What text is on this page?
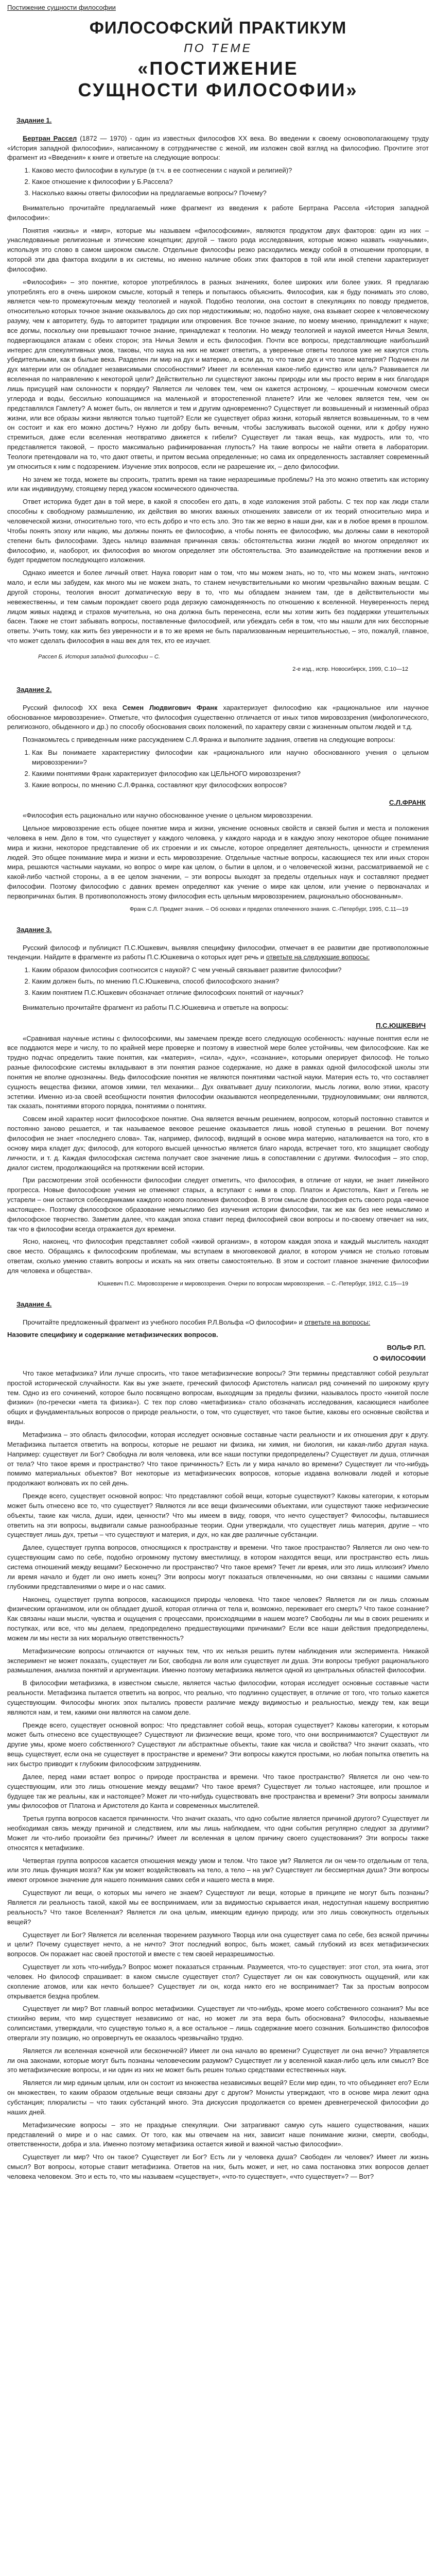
Постижение сущности философии
ФИЛОСОФСКИЙ ПРАКТИКУМ
ПО ТЕМЕ
«ПОСТИЖЕНИЕ
СУЩНОСТИ ФИЛОСОФИИ»
Задание 1.

Бертран Рассел (1872 — 1970) - один из известных философов XX века. Во введении к своему основополагающему труду «История западной философии», написанному в сотрудничестве с женой, им изложен свой взгляд на философию. Прочтите этот фрагмент из «Введения» к книге и ответьте на следующие вопросы:

1. Каково место философии в культуре (в т.ч. в ее соотнесении с наукой и религией)?
2. Какое отношение к философии у Б.Рассела?
3. Насколько важны ответы философии на предлагаемые вопросы? Почему?

Внимательно прочитайте предлагаемый ниже фрагмент из введения к работе Бертрана Рассела «История западной философии»:

Понятия «жизнь» и «мир», которые мы называем «философскими», являются продуктом двух факторов: один из них – унаследованные религиозные и этические концепции; другой – такого рода исследования, которые можно назвать «научными», используя это слово в самом широком смысле. Отдельные философы резко расходились между собой в отношении пропорции, в которой эти два фактора входили в их системы, но именно наличие обоих этих факторов в той или иной степени характеризует философию.

«Философия» – это понятие, которое употреблялось в разных значениях, более широких или более узких. Я предлагаю употреблять его в очень широком смысле, который я теперь и попытаюсь объяснить. Философия, как я буду понимать это слово, является чем-то промежуточным между теологией и наукой. Подобно теологии, она состоит в спекуляциях по поводу предметов, относительно которых точное знание оказывалось до сих пор недостижимым; но, подобно науке, она взывает скорее к человеческому разуму, чем к авторитету, будь то авторитет традиции или откровения. Все точное знание, по моему мнению, принадлежит к науке; все догмы, поскольку они превышают точное знание, принадлежат к теологии. Но между теологией и наукой имеется Ничья Земля, подвергающаяся атакам с обеих сторон; эта Ничья Земля и есть философия. Почти все вопросы, представляющие наибольший интерес для спекулятивных умов, таковы, что наука на них не может ответить, а уверенные ответы теологов уже не кажутся столь убедительными, как в былые века. Разделен ли мир на дух и материю, а если да, то что такое дух и что такое материя? Подчинен ли дух материи или он обладает независимыми способностями? Имеет ли вселенная какое-либо единство или цель? Развивается ли вселенная по направлению к некоторой цели? Действительно ли существуют законы природы или мы просто верим в них благодаря лишь присущей нам склонности к порядку? Является ли человек тем, чем он кажется астроному, – крошечным комочком смеси углерода и воды, бессильно копошащимся на маленькой и второстепенной планете? Или же человек является тем, чем он представлялся Гамлету? А может быть, он является и тем и другим одновременно? Существует ли возвышенный и низменный образ жизни, или все образы жизни являются только тщетой? Если же существует образ жизни, который является возвышенным, то в чем он состоит и как его можно достичь? Нужно ли добру быть вечным, чтобы заслуживать высокой оценки, или к добру нужно стремиться, даже если вселенная неотвратимо движется к гибели? Существует ли такая вещь, как мудрость, или то, что представляется таковой, – просто максимально рафинированная глупость? На такие вопросы не найти ответа в лаборатории. Теологи претендовали на то, что дают ответы, и притом весьма определенные; но сама их определенность заставляет современный ум относиться к ним с подозрением. Изучение этих вопросов, если не разрешение их, – дело философии.

Но зачем же тогда, можете вы спросить, тратить время на такие неразрешимые проблемы? На это можно ответить как историку или как индивидууму, стоящему перед ужасом космического одиночества.

Ответ историка будет дан в той мере, в какой я способен его дать, в ходе изложения этой работы. С тех пор как люди стали способны к свободному размышлению, их действия во многих важных отношениях зависели от их теорий относительно мира и человеческой жизни, относительно того, что есть добро и что есть зло. Это так же верно в наши дни, как и в любое время в прошлом. Чтобы понять эпоху или нацию, мы должны понять ее философию, а чтобы понять ее философию, мы должны сами в некоторой степени быть философами. Здесь налицо взаимная причинная связь: обстоятельства жизни людей во многом определяют их философию, и, наоборот, их философия во многом определяет эти обстоятельства. Это взаимодействие на протяжении веков и будет предметом последующего изложения.

Однако имеется и более личный ответ. Наука говорит нам о том, что мы можем знать, но то, что мы можем знать, ничтожно мало, и если мы забудем, как много мы не можем знать, то станем нечувствительными ко многим чрезвычайно важным вещам. С другой стороны, теология вносит догматическую веру в то, что мы обладаем знанием там, где в действительности мы невежественны, и тем самым порождает своего рода дерзкую самонадеянность по отношению к вселенной. Неуверенность перед лицом живых надежд и страхов мучительна, но она должна быть перенесена, если мы хотим жить без поддержки утешительных басен. Также не стоит забывать вопросы, поставленные философией, или убеждать себя в том, что мы нашли для них бесспорные ответы. Учить тому, как жить без уверенности и в то же время не быть парализованным нерешительностью, – это, пожалуй, главное, что может сделать философия в наш век для тех, кто ее изучает.

Рассел Б. История западной философии – С.
2-е изд., испр. Новосибирск, 1999, С.10—12
Задание 2.

Русский философ XX века Семен Людвигович Франк характеризует философию как «рациональное или научное обоснованное мировоззрение». Отметьте, что философия существенно отличается от иных типов мировоззрения (мифологического, религиозного, обыденного и др.) по способу обоснования своих положений, по характеру связи с жизненным опытом людей и т.д.

Познакомьтесь с приведенным ниже рассуждением С.Л.Франка и выполните задания, ответив на следующие вопросы:

1. Как Вы понимаете характеристику философии как «рационального или научно обоснованного учения о цельном мировоззрении»?
2. Какими понятиями Франк характеризует философию как ЦЕЛЬНОГО мировоззрения?
3. Какие вопросы, по мнению С.Л.Франка, составляют круг философских вопросов?
С.Л.ФРАНК

«Философия есть рационально или научно обоснованное учение о цельном мировоззрении.

Цельное мировоззрение есть общее понятие мира и жизни, уяснение основных свойств и связей бытия и места и положения человека в нем. Дело в том, что существует у каждого человека, у каждого народа и в каждую эпоху некоторое общее понимание мира и жизни, некоторое представление об их строении и их смысле, которое определяет деятельность, ценности и стремления людей. Это общее понимание мира и жизни и есть мировоззрение. Отдельные частные вопросы, касающиеся тех или иных сторон мира, решаются частными науками, но вопрос о мире как целом, о бытии в целом, и о человеческой жизни, рассматриваемой не с какой-либо частной стороны, а в ее целом значении, – эти вопросы выходят за пределы отдельных наук и составляют предмет философии. Поэтому философию с давних времен определяют как учение о мире как целом, или учение о первоначалах и первопричинах бытия. В противоположность этому философия есть цельным мировоззрением, рационально обоснованным».

Франк С.Л. Предмет знания. – Об основах и пределах отвлеченного знания. С.-Петербург, 1995, С.11—19
Задание 3.

Русский философ и публицист П.С.Юшкевич, выявляя специфику философии, отмечает в ее развитии две противоположные тенденции. Найдите в фрагменте из работы П.С.Юшкевича о которых идет речь и ответьте на следующие вопросы:

1. Каким образом философия соотносится с наукой? С чем ученый связывает развитие философии?
2. Каким должен быть, по мнению П.С.Юшкевича, способ философского знания?
3. Каким понятием П.С.Юшкевич обозначает отличие философских понятий от научных?

Внимательно прочитайте фрагмент из работы П.С.Юшкевича и ответьте на вопросы:

П.С.ЮШКЕВИЧ

«Сравнивая научные истины с философскими, мы замечаем прежде всего следующую особенность: научные понятия если не все поддаются мере и числу, то по крайней мере проверке и поэтому в известной мере более устойчивы, чем философские. Как же трудно подчас определить такие понятия, как «материя», «сила», «дух», «сознание», которыми оперирует философ. Не только разные философские системы вкладывают в эти понятия разное содержание, но даже в рамках одной философской школы эти понятия не вполне однозначны. Ведь философские понятия не являются понятиями частной науки. Материя есть то, что составляет сущность вещества физики, атомов химии, тел механики... Дух охватывает душу психологии, мысль логики, волю этики, красоту эстетики. Именно из-за своей всеобщности понятия философии оказываются неопределенными, трудноуловимыми; они являются, так сказать, понятиями второго порядка, понятиями о понятиях.

Совсем иной характер носит философское понятие. Она является вечным решением, вопросом, который постоянно ставится и постоянно заново решается, и так называемое вековое решение оказывается лишь новой ступенью в решении. Вот почему философия не знает «последнего слова». Так, например, философ, видящий в основе мира материю, наталкивается на того, кто в основу мира кладет дух; философ, для которого высшей ценностью является благо народа, встречает того, кто защищает свободу личности, и т. д. Каждая философская система получает свое значение лишь в сопоставлении с другими. Философия – это спор, диалог систем, продолжающийся на протяжении всей истории.

При рассмотрении этой особенности философии следует отметить, что философия, в отличие от науки, не знает линейного прогресса. Новые философские учения не отменяют старых, а вступают с ними в спор. Платон и Аристотель, Кант и Гегель не устарели – они остаются собеседниками каждого нового поколения философов. В этом смысле философия есть своего рода «вечное настоящее». Поэтому философское образование немыслимо без изучения истории философии, так же как без нее немыслимо и философское творчество. Заметим далее, что каждая эпоха ставит перед философией свои вопросы и по-своему отвечает на них, так что в философии всегда отражается дух времени.

Ясно, наконец, что философия представляет собой «живой организм», в котором каждая эпоха и каждый мыслитель находят свое место. Обращаясь к философским проблемам, мы вступаем в многовековой диалог, в котором учимся не столько готовым ответам, сколько умению ставить вопросы и искать на них ответы самостоятельно. В этом и состоит главное значение философии для человека и общества».

Юшкевич П.С. Мировоззрение и мировоззрения. Очерки по вопросам мировоззрения. – С.-Петербург, 1912, С.15—19
Задание 4.

Прочитайте предложенный фрагмент из учебного пособия Р.Л.Вольфа «О философии» и ответьте на вопросы:

Назовите специфику и содержание метафизических вопросов.

ВОЛЬФ Р.П.
О ФИЛОСОФИИ

Что такое метафизика? Или лучше спросить, что такое метафизические вопросы? Эти термины представляют собой результат простой исторической случайности. Как вы уже знаете, греческий философ Аристотель написал ряд сочинений по широкому кругу тем. Одно из его сочинений, которое было посвящено вопросам, выходящим за пределы физики, называлось просто «книгой после физики» (по-гречески «мета та физика»). С тех пор слово «метафизика» стало обозначать исследования, касающиеся наиболее общих и фундаментальных вопросов о природе реальности, о том, что существует, что такое бытие, каковы его основные свойства и виды.

Метафизика – это область философии, которая исследует основные составные части реальности и их отношения друг к другу. Метафизика пытается ответить на вопросы, которые не решают ни физика, ни химия, ни биология, ни какая-либо другая наука. Например: существует ли Бог? Свободна ли воля человека, или все наши поступки предопределены? Существует ли душа, отличная от тела? Что такое время и пространство? Что такое причинность? Есть ли у мира начало во времени? Существует ли что-нибудь помимо материальных объектов? Вот некоторые из метафизических вопросов, которые издавна волновали людей и которые продолжают волновать их по сей день.

Прежде всего, существует основной вопрос: Что представляют собой вещи, которые существуют? Каковы категории, к которым может быть отнесено все то, что существует? Являются ли все вещи физическими объектами, или существуют также нефизические объекты, такие как числа, души, идеи, ценности? Что мы имеем в виду, говоря, что нечто существует? Философы, пытавшиеся ответить на эти вопросы, выдвигали самые разнообразные теории. Одни утверждали, что существует лишь материя, другие – что существует лишь дух, третьи – что существуют и материя, и дух, но как две различные субстанции.

Далее, существует группа вопросов, относящихся к пространству и времени. Что такое пространство? Является ли оно чем-то существующим само по себе, подобно огромному пустому вместилищу, в котором находятся вещи, или пространство есть лишь система отношений между вещами? Бесконечно ли пространство? Что такое время? Течет ли время, или это лишь иллюзия? Имело ли время начало и будет ли оно иметь конец? Эти вопросы могут показаться отвлеченными, но они связаны с нашими самыми глубокими представлениями о мире и о нас самих.

Наконец, существует группа вопросов, касающихся природы человека. Что такое человек? Является ли он лишь сложным физическим организмом, или он обладает душой, которая отлична от тела и, возможно, переживает его смерть? Что такое сознание? Как связаны наши мысли, чувства и ощущения с процессами, происходящими в нашем мозге? Свободны ли мы в своих решениях и поступках, или все, что мы делаем, предопределено предшествующими причинами? Если все наши действия предопределены, можем ли мы нести за них моральную ответственность?

Метафизические вопросы отличаются от научных тем, что их нельзя решить путем наблюдения или эксперимента. Никакой эксперимент не может показать, существует ли Бог, свободна ли воля или существует ли душа. Эти вопросы требуют рационального размышления, анализа понятий и аргументации. Именно поэтому метафизика является одной из центральных областей философии.

В философии метафизика, в известном смысле, является частью философии, которая исследует основные составные части реальности. Метафизика пытается ответить на вопрос, что реально, что подлинно существует, в отличие от того, что только кажется существующим. Философы многих эпох пытались провести различие между видимостью и реальностью, между тем, как вещи являются нам, и тем, какими они являются на самом деле.

Прежде всего, существует основной вопрос: Что представляет собой вещь, которая существует? Каковы категории, к которым может быть отнесено все существующее? Существуют ли физические вещи, кроме того, что они воспринимаются? Существуют ли другие умы, кроме моего собственного? Существуют ли абстрактные объекты, такие как числа и свойства? Что значит сказать, что вещь существует, если она не существует в пространстве и времени? Эти вопросы кажутся простыми, но любая попытка ответить на них быстро приводит к глубоким философским затруднениям.

Далее, перед нами встает вопрос о природе пространства и времени. Что такое пространство? Является ли оно чем-то существующим, или это лишь отношение между вещами? Что такое время? Существует ли только настоящее, или прошлое и будущее так же реальны, как и настоящее? Может ли что-нибудь существовать вне пространства и времени? Эти вопросы занимали умы философов от Платона и Аристотеля до Канта и современных мыслителей.

Третья группа вопросов касается причинности. Что значит сказать, что одно событие является причиной другого? Существует ли необходимая связь между причиной и следствием, или мы лишь наблюдаем, что одни события регулярно следуют за другими? Может ли что-либо произойти без причины? Имеет ли вселенная в целом причину своего существования? Эти вопросы также относятся к метафизике.

Четвертая группа вопросов касается отношения между умом и телом. Что такое ум? Является ли он чем-то отдельным от тела, или это лишь функция мозга? Как ум может воздействовать на тело, а тело – на ум? Существует ли бессмертная душа? Эти вопросы имеют огромное значение для нашего понимания самих себя и нашего места в мире.

Существуют ли вещи, о которых мы ничего не знаем? Существуют ли вещи, которые в принципе не могут быть познаны? Является ли реальность такой, какой мы ее воспринимаем, или за видимостью скрывается иная, недоступная нашему восприятию реальность? Что такое Вселенная? Является ли она целым, имеющим единую природу, или это лишь совокупность отдельных вещей?

Существует ли Бог? Является ли вселенная творением разумного Творца или она существует сама по себе, без всякой причины и цели? Почему существует нечто, а не ничто? Этот последний вопрос, быть может, самый глубокий из всех метафизических вопросов. Он поражает нас своей простотой и вместе с тем своей неразрешимостью.

Существует ли хоть что-нибудь? Вопрос может показаться странным. Разумеется, что-то существует: этот стол, эта книга, этот человек. Но философ спрашивает: в каком смысле существует стол? Существует ли он как совокупность ощущений, или как скопление атомов, или как нечто большее? Существует ли он, когда никто его не воспринимает? Так за простым вопросом открывается бездна проблем.

Существует ли мир? Вот главный вопрос метафизики. Существует ли что-нибудь, кроме моего собственного сознания? Мы все стихийно верим, что мир существует независимо от нас, но может ли эта вера быть обоснована? Философы, называемые солипсистами, утверждали, что существую только я, а все остальное – лишь содержание моего сознания. Большинство философов отвергали эту позицию, но опровергнуть ее оказалось чрезвычайно трудно.

Является ли вселенная конечной или бесконечной? Имеет ли она начало во времени? Существует ли она вечно? Управляется ли она законами, которые могут быть познаны человеческим разумом? Существует ли у вселенной какая-либо цель или смысл? Все это метафизические вопросы, и ни один из них не может быть решен только средствами естественных наук.

Является ли мир единым целым, или он состоит из множества независимых вещей? Если мир един, то что объединяет его? Если он множествен, то каким образом отдельные вещи связаны друг с другом? Монисты утверждают, что в основе мира лежит одна субстанция; плюралисты – что таких субстанций много. Эта дискуссия продолжается со времен древнегреческой философии до наших дней.

Метафизические вопросы – это не праздные спекуляции. Они затрагивают самую суть нашего существования, наших представлений о мире и о нас самих. От того, как мы отвечаем на них, зависит наше понимание жизни, смерти, свободы, ответственности, добра и зла. Именно поэтому метафизика остается живой и важной частью философии».

Существует ли мир? Что он такое? Существует ли Бог? Есть ли у человека душа? Свободен ли человек? Имеет ли жизнь смысл? Вот вопросы, которые ставит метафизика. Ответов на них, быть может, и нет, но сама постановка этих вопросов делает человека человеком. Это и есть то, что мы называем «существует», «что-то существует», «что существует»? — Вот?
